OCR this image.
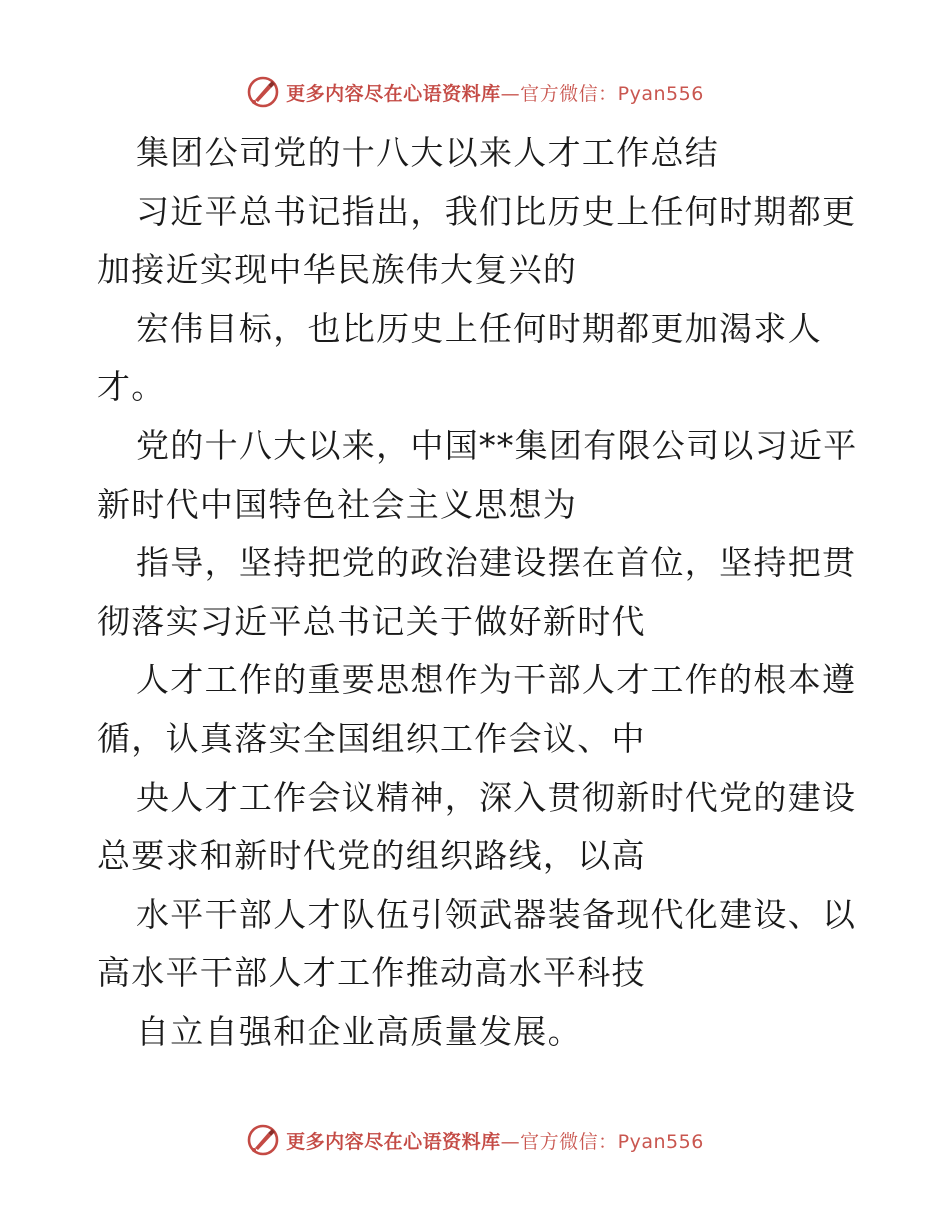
更多内容尽在心语资料库—官方微信：Pyan556
集团公司党的十八大以来人才工作总结
习近平总书记指出，我们比历史上任何时期都更
加接近实现中华民族伟大复兴的
宏伟目标，也比历史上任何时期都更加渴求人
才。
党的十八大以来，中国**集团有限公司以习近平
新时代中国特色社会主义思想为
指导，坚持把党的政治建设摆在首位，坚持把贯
彻落实习近平总书记关于做好新时代
人才工作的重要思想作为干部人才工作的根本遵
循，认真落实全国组织工作会议、中
央人才工作会议精神，深入贯彻新时代党的建设
总要求和新时代党的组织路线，以高
水平干部人才队伍引领武器装备现代化建设、以
高水平干部人才工作推动高水平科技
自立自强和企业高质量发展。
更多内容尽在心语资料库—官方微信：Pyan556
